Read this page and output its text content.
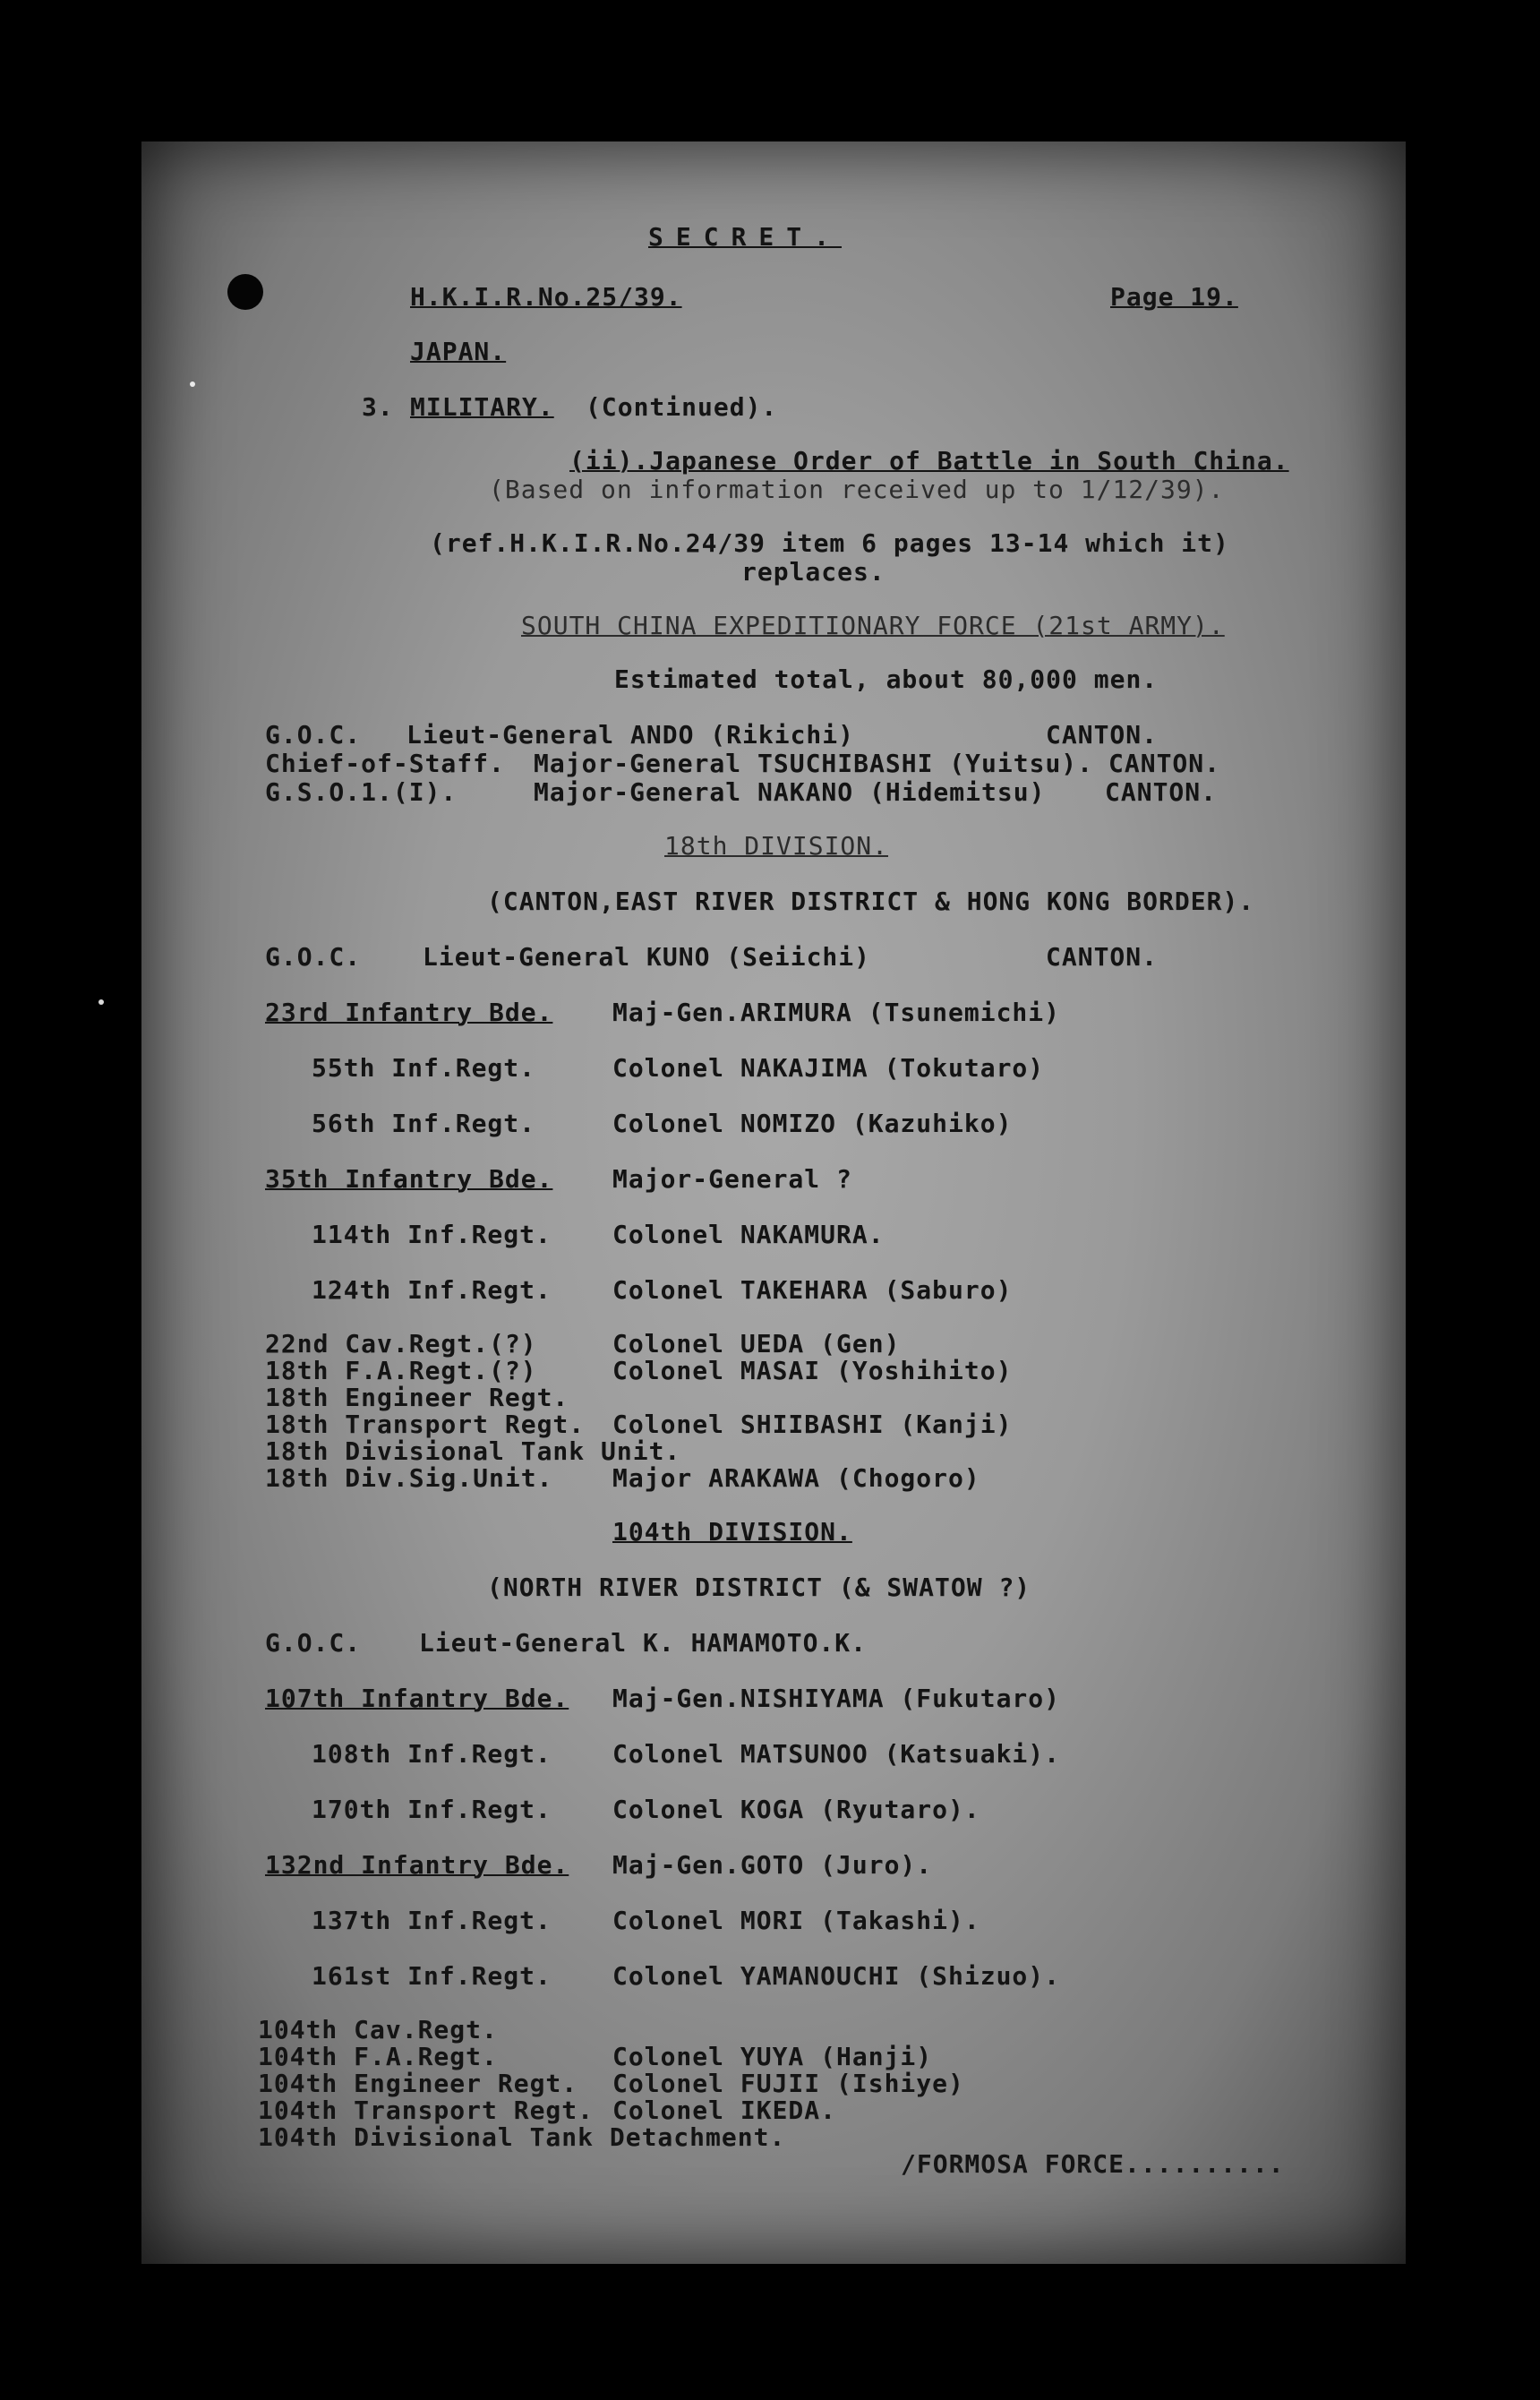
SECRET.
H.K.I.R.No.25/39.	Page 19.
JAPAN.
3. MILITARY. (Continued).
(ii).Japanese Order of Battle in South China.
(Based on information received up to 1/12/39).
(ref.H.K.I.R.No.24/39 item 6 pages 13-14 which it)
replaces.
SOUTH CHINA EXPEDITIONARY FORCE (21st ARMY).
Estimated total, about 80,000 men.
G.O.C. Lieut-General ANDO (Rikichi)	CANTON.
Chief-of-Staff. Major-General TSUCHIBASHI (Yuitsu). CANTON.
G.S.O.1.(I).	Major-General NAKANO (Hidemitsu) CANTON.
18th DIVISION.
(CANTON,EAST RIVER DISTRICT & HONG KONG BORDER).
G.O.C. Lieut-General KUNO (Seiichi)	CANTON.
23rd Infantry Bde. Maj-Gen.ARIMURA (Tsunemichi)
55th Inf.Regt.	Colonel NAKAJIMA (Tokutaro)
56th Inf.Regt.	Colonel NOMIZO (Kazuhiko)
35th Infantry Bde. Major-General ?
114th Inf.Regt. Colonel NAKAMURA.
124th Inf.Regt. Colonel TAKEHARA (Saburo)
22nd Cav.Regt.(?)	Colonel UEDA (Gen)
18th F.A.Regt.(?)	Colonel MASAI (Yoshihito)
18th Engineer Regt.
18th Transport Regt. Colonel SHIIBASHI (Kanji)
18th Divisional Tank Unit.
18th Div.Sig.Unit. Major ARAKAWA (Chogoro)
104th DIVISION.
(NORTH RIVER DISTRICT (& SWATOW ?)
G.O.C. Lieut-General K. HAMAMOTO.K.
107th Infantry Bde. Maj-Gen.NISHIYAMA (Fukutaro)
108th Inf.Regt. Colonel MATSUNOO (Katsuaki).
170th Inf.Regt. Colonel KOGA (Ryutaro).
132nd Infantry Bde. Maj-Gen.GOTO (Juro).
137th Inf.Regt. Colonel MORI (Takashi).
161st Inf.Regt. Colonel YAMANOUCHI (Shizuo).
104th Cav.Regt.
104th F.A.Regt.	Colonel YUYA (Hanji)
104th Engineer Regt. Colonel FUJII (Ishiye)
104th Transport Regt. Colonel IKEDA.
104th Divisional Tank Detachment.
/FORMOSA FORCE..........
